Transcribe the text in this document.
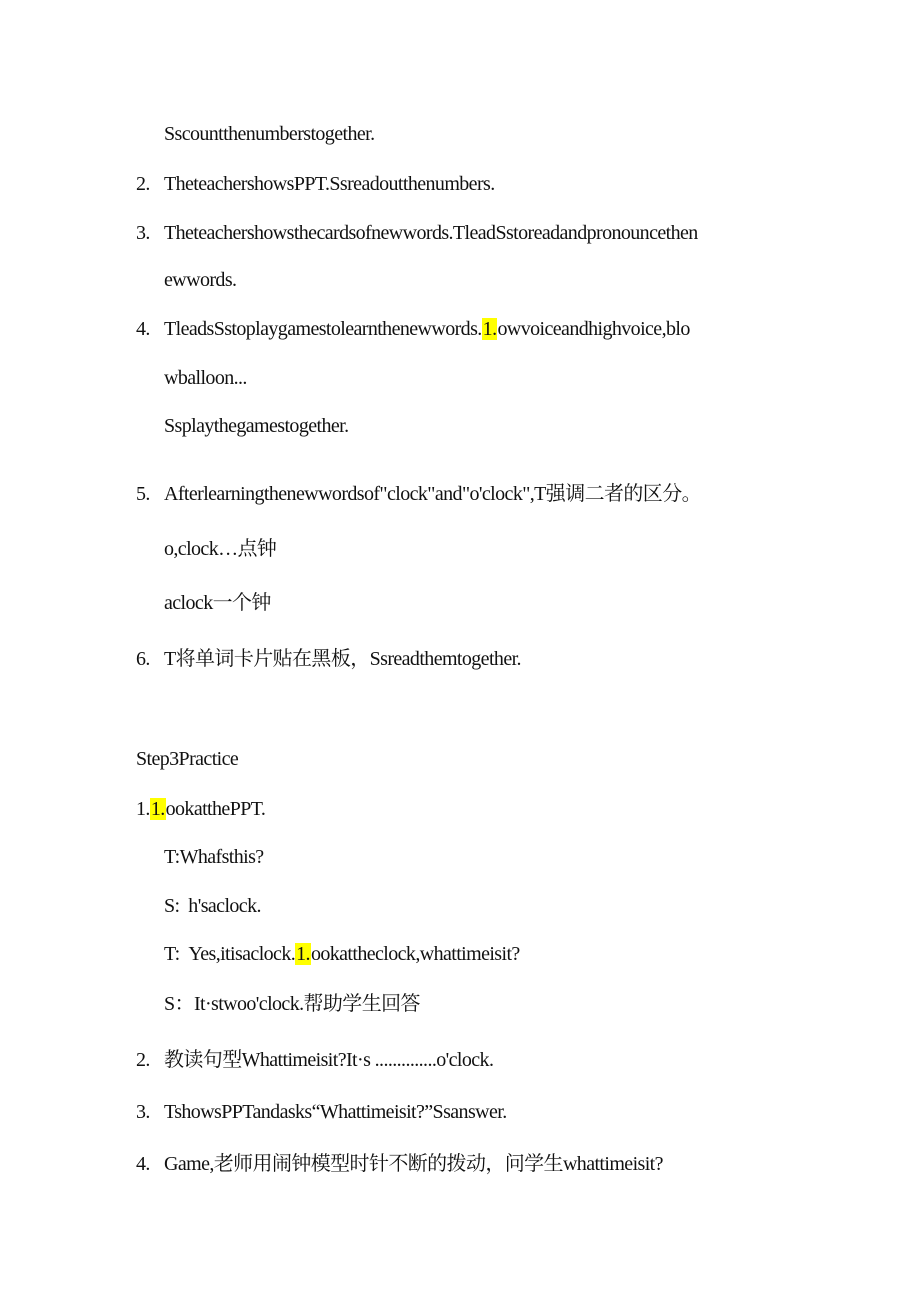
Sscountthenumberstogether.
2. TheteachershowsPPT.Ssreadoutthenumbers.
3. Theteachershowsthecardsofnewwords.TleadSstoreadandpronouncethen
ewwords.
4. TleadsSstoplaygamestolearnthenewwords.1.owvoiceandhighvoice,blo
wballoon...
Ssplaythegamestogether.
5. Afterlearningthenewwordsof"clock"and"o'clock",T强调二者的区分。
o,clock…点钟
aclock一个钟
6. T将单词卡片贴在黑板，Ssreadthemtogether.
Step3Practice
1.1.ookatthePPT.
T:Whafsthis?
S: h'saclock.
T: Yes,itisaclock.1.ookattheclock,whattimeisit?
S：It·stwoo'clock.帮助学生回答
2. 教读句型Whattimeisit?It·s ..............o'clock.
3. TshowsPPTandasks“Whattimeisit?”Ssanswer.
4. Game,老师用闹钟模型时针不断的拨动，问学生whattimeisit?
